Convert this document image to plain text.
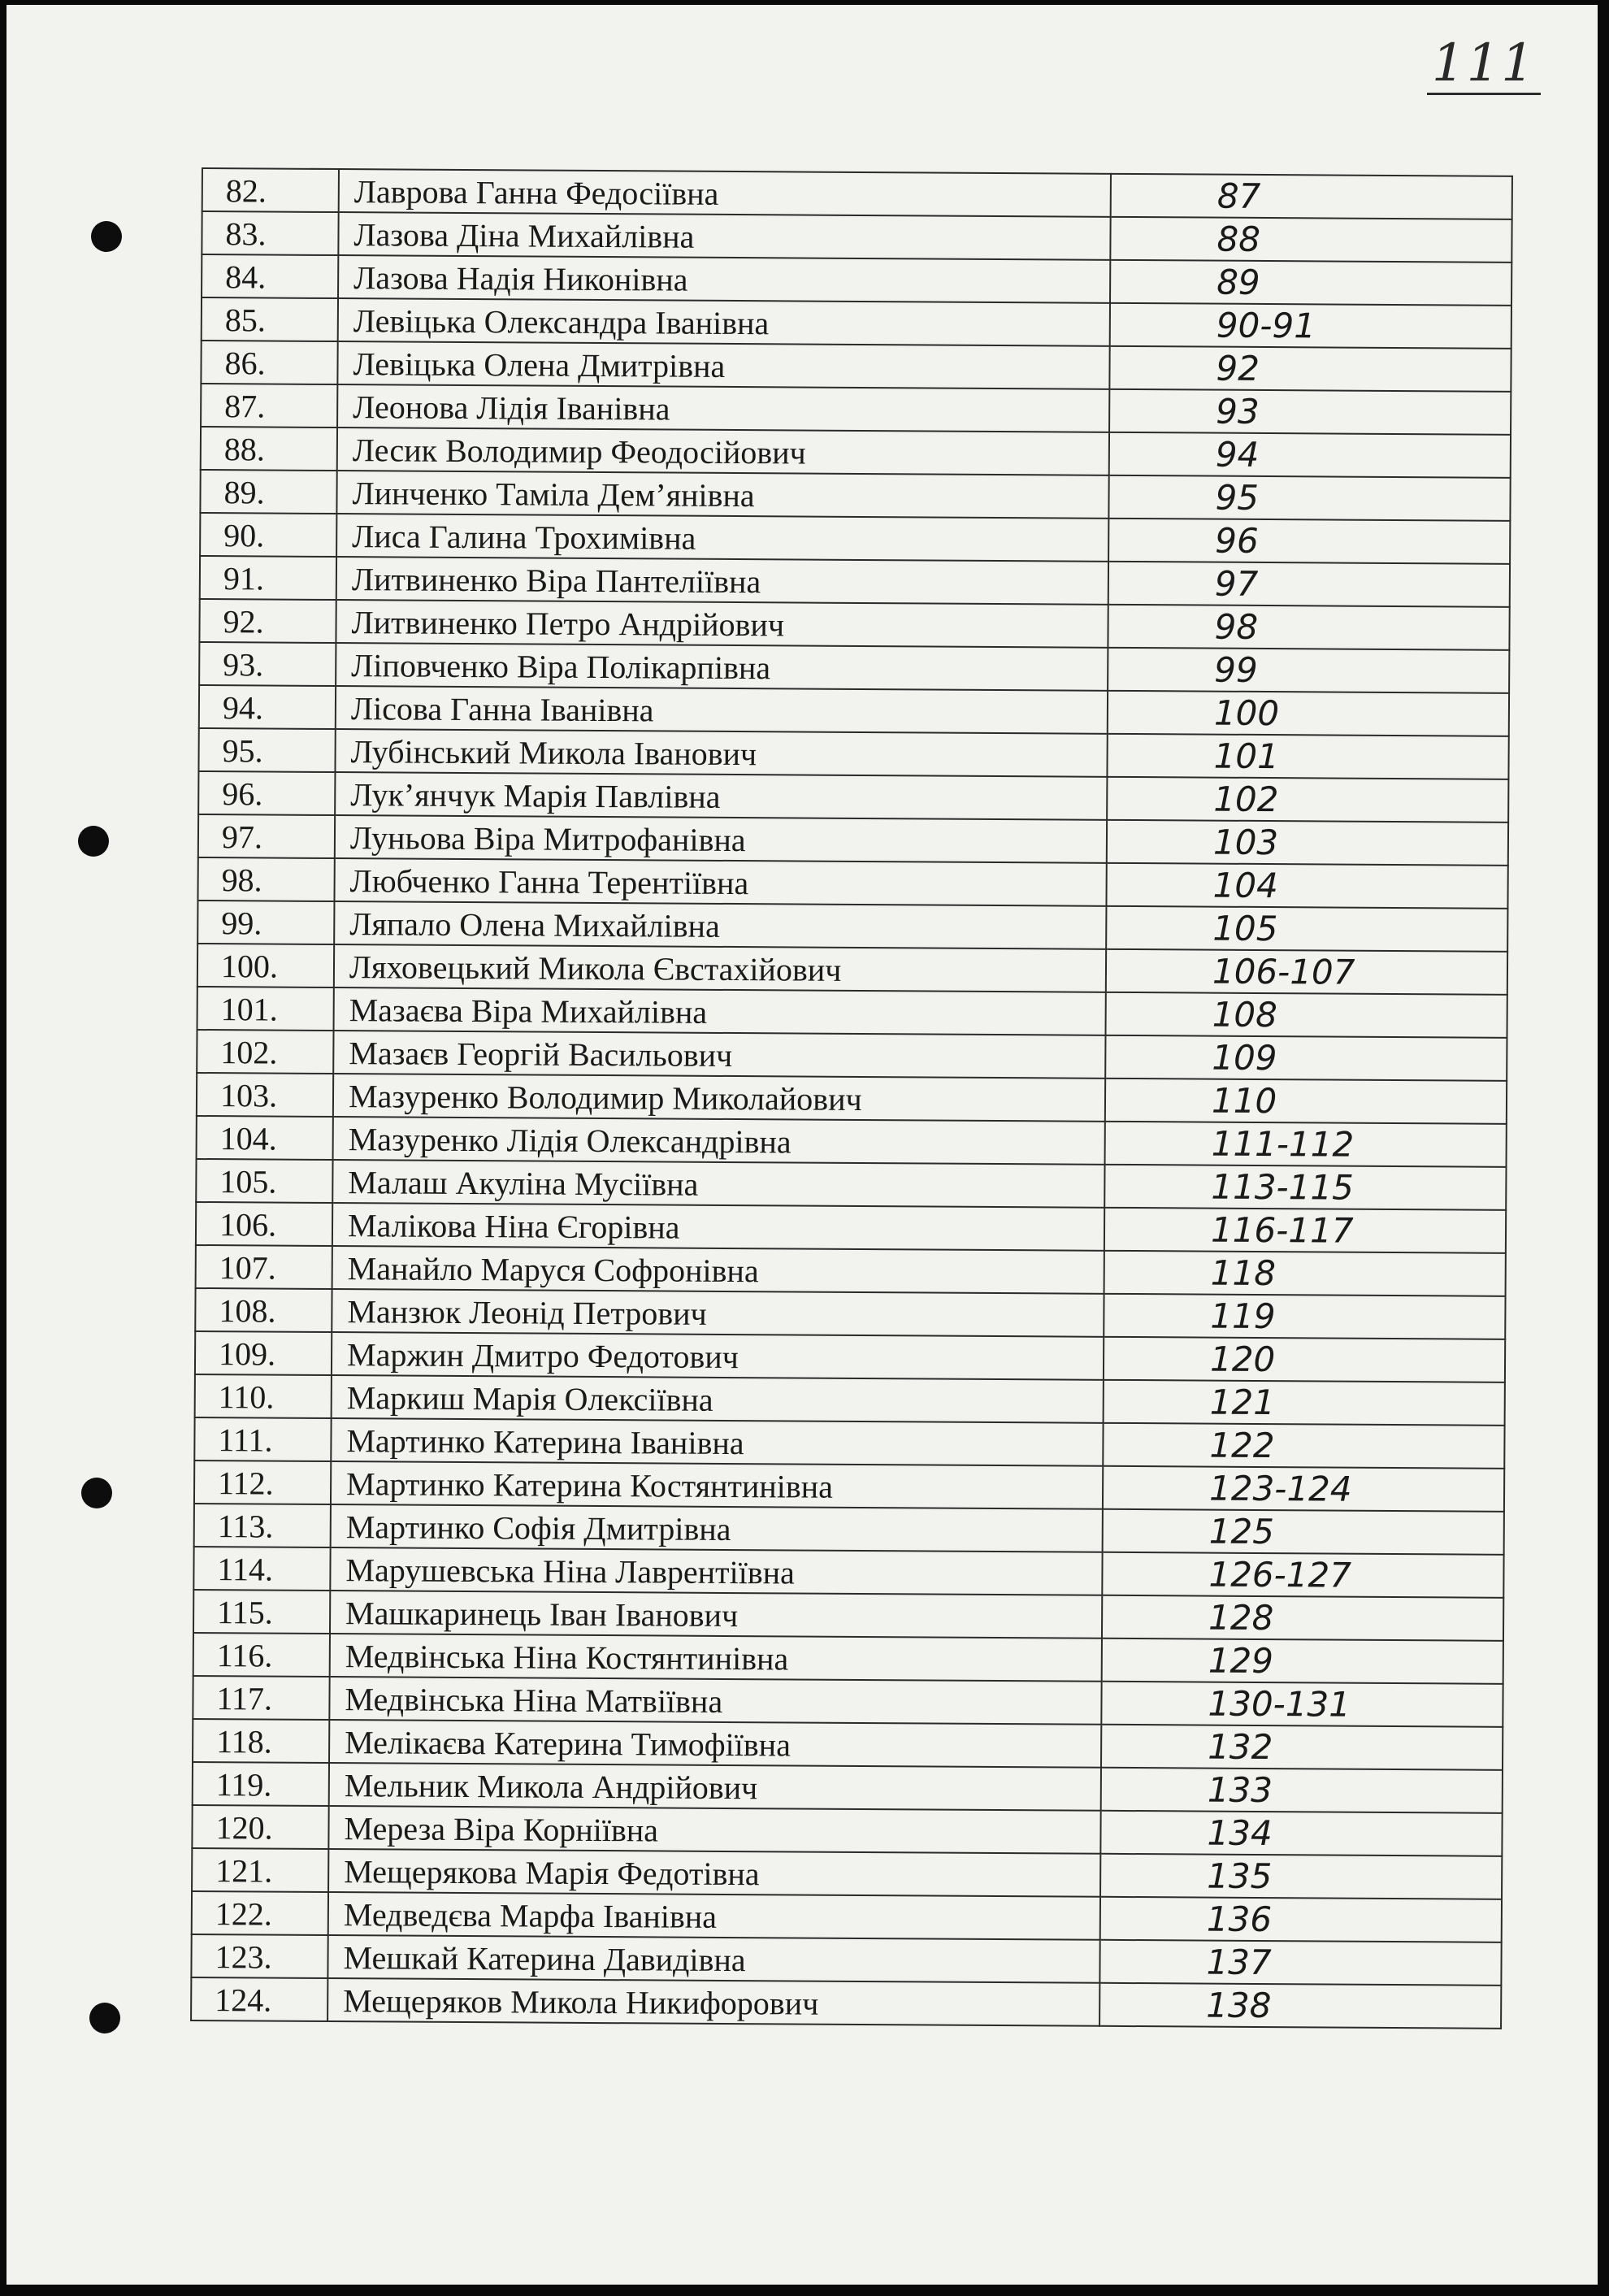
111
82.	Лаврова Ганна Федосіївна	87
83.	Лазова Діна Михайлівна	88
84.	Лазова Надія Никонівна	89
85.	Левіцька Олександра Іванівна	90-91
86.	Левіцька Олена Дмитрівна	92
87.	Леонова Лідія Іванівна	93
88.	Лесик Володимир Феодосійович	94
89.	Линченко Таміла Дем’янівна	95
90.	Лиса Галина Трохимівна	96
91.	Литвиненко Віра Пантеліївна	97
92.	Литвиненко Петро Андрійович	98
93.	Ліповченко Віра Полікарпівна	99
94.	Лісова Ганна Іванівна	100
95.	Лубінський Микола Іванович	101
96.	Лук’янчук Марія Павлівна	102
97.	Луньова Віра Митрофанівна	103
98.	Любченко Ганна Терентіївна	104
99.	Ляпало Олена Михайлівна	105
100.	Ляховецький Микола Євстахійович	106-107
101.	Мазаєва Віра Михайлівна	108
102.	Мазаєв Георгій Васильович	109
103.	Мазуренко Володимир Миколайович	110
104.	Мазуренко Лідія Олександрівна	111-112
105.	Малаш Акуліна Мусіївна	113-115
106.	Малікова Ніна Єгорівна	116-117
107.	Манайло Маруся Софронівна	118
108.	Манзюк Леонід Петрович	119
109.	Маржин Дмитро Федотович	120
110.	Маркиш Марія Олексіївна	121
111.	Мартинко Катерина Іванівна	122
112.	Мартинко Катерина Костянтинівна	123-124
113.	Мартинко Софія Дмитрівна	125
114.	Марушевська Ніна Лаврентіївна	126-127
115.	Машкаринець Іван Іванович	128
116.	Медвінська Ніна Костянтинівна	129
117.	Медвінська Ніна Матвіївна	130-131
118.	Мелікаєва Катерина Тимофіївна	132
119.	Мельник Микола Андрійович	133
120.	Мереза Віра Корніївна	134
121.	Мещерякова Марія Федотівна	135
122.	Медведєва Марфа Іванівна	136
123.	Мешкай Катерина Давидівна	137
124.	Мещеряков Микола Никифорович	138
